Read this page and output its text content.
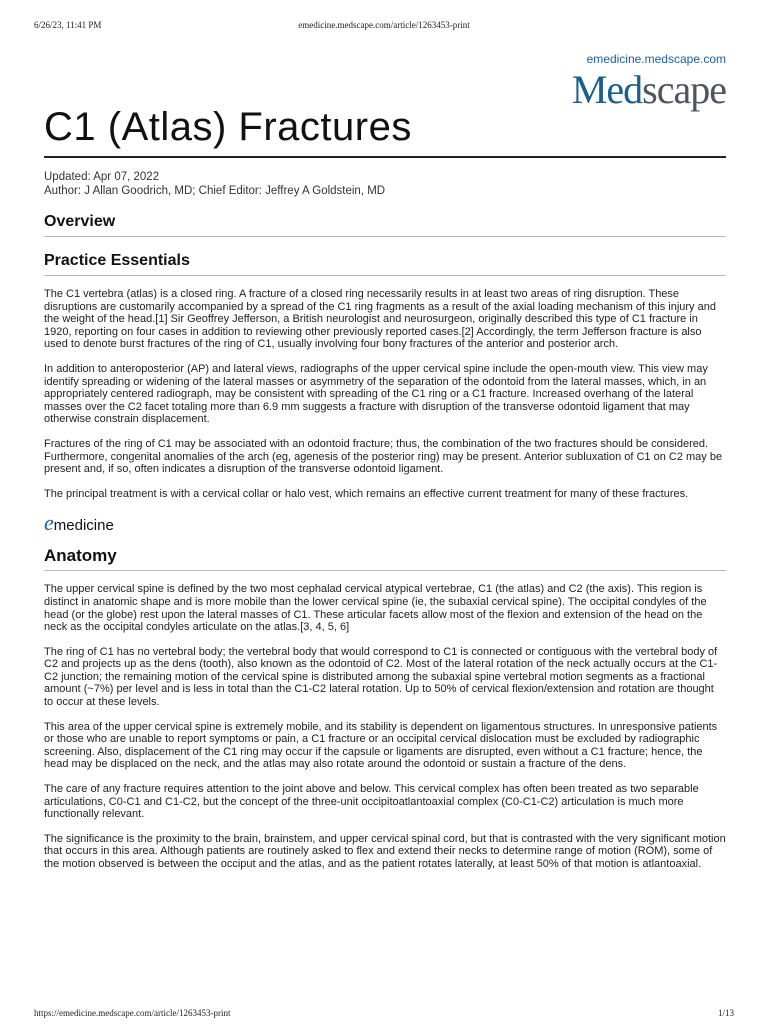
6/26/23, 11:41 PM	emedicine.medscape.com/article/1263453-print
emedicine.medscape.com
Medscape
C1 (Atlas) Fractures
Updated: Apr 07, 2022
Author: J Allan Goodrich, MD; Chief Editor: Jeffrey A Goldstein, MD
Overview
Practice Essentials

The C1 vertebra (atlas) is a closed ring. A fracture of a closed ring necessarily results in at least two areas of ring disruption. These disruptions are customarily accompanied by a spread of the C1 ring fragments as a result of the axial loading mechanism of this injury and the weight of the head.[1] Sir Geoffrey Jefferson, a British neurologist and neurosurgeon, originally described this type of C1 fracture in 1920, reporting on four cases in addition to reviewing other previously reported cases.[2] Accordingly, the term Jefferson fracture is also used to denote burst fractures of the ring of C1, usually involving four bony fractures of the anterior and posterior arch.

In addition to anteroposterior (AP) and lateral views, radiographs of the upper cervical spine include the open-mouth view. This view may identify spreading or widening of the lateral masses or asymmetry of the separation of the odontoid from the lateral masses, which, in an appropriately centered radiograph, may be consistent with spreading of the C1 ring or a C1 fracture. Increased overhang of the lateral masses over the C2 facet totaling more than 6.9 mm suggests a fracture with disruption of the transverse odontoid ligament that may otherwise constrain displacement.

Fractures of the ring of C1 may be associated with an odontoid fracture; thus, the combination of the two fractures should be considered. Furthermore, congenital anomalies of the arch (eg, agenesis of the posterior ring) may be present. Anterior subluxation of C1 on C2 may be present and, if so, often indicates a disruption of the transverse odontoid ligament.

The principal treatment is with a cervical collar or halo vest, which remains an effective current treatment for many of these fractures.

emedicine
Anatomy

The upper cervical spine is defined by the two most cephalad cervical atypical vertebrae, C1 (the atlas) and C2 (the axis). This region is distinct in anatomic shape and is more mobile than the lower cervical spine (ie, the subaxial cervical spine). The occipital condyles of the head (or the globe) rest upon the lateral masses of C1. These articular facets allow most of the flexion and extension of the head on the neck as the occipital condyles articulate on the atlas.[3, 4, 5, 6]

The ring of C1 has no vertebral body; the vertebral body that would correspond to C1 is connected or contiguous with the vertebral body of C2 and projects up as the dens (tooth), also known as the odontoid of C2. Most of the lateral rotation of the neck actually occurs at the C1-C2 junction; the remaining motion of the cervical spine is distributed among the subaxial spine vertebral motion segments as a fractional amount (~7%) per level and is less in total than the C1-C2 lateral rotation. Up to 50% of cervical flexion/extension and rotation are thought to occur at these levels.

This area of the upper cervical spine is extremely mobile, and its stability is dependent on ligamentous structures. In unresponsive patients or those who are unable to report symptoms or pain, a C1 fracture or an occipital cervical dislocation must be excluded by radiographic screening. Also, displacement of the C1 ring may occur if the capsule or ligaments are disrupted, even without a C1 fracture; hence, the head may be displaced on the neck, and the atlas may also rotate around the odontoid or sustain a fracture of the dens.

The care of any fracture requires attention to the joint above and below. This cervical complex has often been treated as two separable articulations, C0-C1 and C1-C2, but the concept of the three-unit occipitoatlantoaxial complex (C0-C1-C2) articulation is much more functionally relevant.

The significance is the proximity to the brain, brainstem, and upper cervical spinal cord, but that is contrasted with the very significant motion that occurs in this area. Although patients are routinely asked to flex and extend their necks to determine range of motion (ROM), some of the motion observed is between the occiput and the atlas, and as the patient rotates laterally, at least 50% of that motion is atlantoaxial.

https://emedicine.medscape.com/article/1263453-print	1/13
